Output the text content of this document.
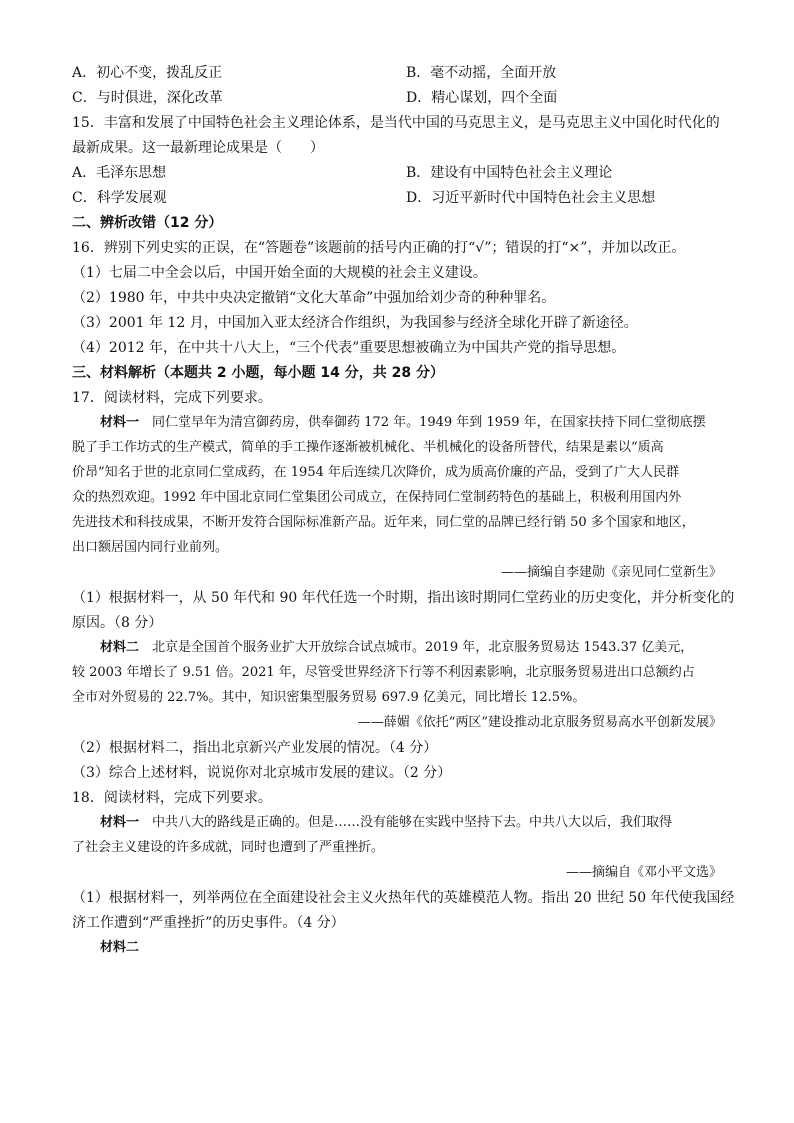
A．初心不变，拨乱反正	B．毫不动摇，全面开放
C．与时俱进，深化改革	D．精心谋划，四个全面
15．丰富和发展了中国特色社会主义理论体系，是当代中国的马克思主义，是马克思主义中国化时代化的
最新成果。这一最新理论成果是（　　）
A．毛泽东思想	B．建设有中国特色社会主义理论
C．科学发展观	D．习近平新时代中国特色社会主义思想
二、辨析改错（12 分）
16．辨别下列史实的正误，在“答题卷”该题前的括号内正确的打“√”；错误的打“×”，并加以改正。
（1）七届二中全会以后，中国开始全面的大规模的社会主义建设。
（2）1980 年，中共中央决定撤销“文化大革命”中强加给刘少奇的种种罪名。
（3）2001 年 12 月，中国加入亚太经济合作组织，为我国参与经济全球化开辟了新途径。
（4）2012 年，在中共十八大上，“三个代表”重要思想被确立为中国共产党的指导思想。
三、材料解析（本题共 2 小题，每小题 14 分，共 28 分）
17．阅读材料，完成下列要求。
材料一　同仁堂早年为清宫御药房，供奉御药 172 年。1949 年到 1959 年，在国家扶持下同仁堂彻底摆
脱了手工作坊式的生产模式，简单的手工操作逐渐被机械化、半机械化的设备所替代，结果是素以“质高
价昂”知名于世的北京同仁堂成药，在 1954 年后连续几次降价，成为质高价廉的产品，受到了广大人民群
众的热烈欢迎。1992 年中国北京同仁堂集团公司成立，在保持同仁堂制药特色的基础上，积极利用国内外
先进技术和科技成果，不断开发符合国际标准新产品。近年来，同仁堂的品牌已经行销 50 多个国家和地区，
出口额居国内同行业前列。
——摘编自李建勋《亲见同仁堂新生》
（1）根据材料一，从 50 年代和 90 年代任选一个时期，指出该时期同仁堂药业的历史变化，并分析变化的
原因。（8 分）
材料二　北京是全国首个服务业扩大开放综合试点城市。2019 年，北京服务贸易达 1543.37 亿美元，
较 2003 年增长了 9.51 倍。2021 年，尽管受世界经济下行等不利因素影响，北京服务贸易进出口总额约占
全市对外贸易的 22.7%。其中，知识密集型服务贸易 697.9 亿美元，同比增长 12.5%。
——薛媚《依托“两区”建设推动北京服务贸易高水平创新发展》
（2）根据材料二，指出北京新兴产业发展的情况。（4 分）
（3）综合上述材料，说说你对北京城市发展的建议。（2 分）
18．阅读材料，完成下列要求。
材料一　中共八大的路线是正确的。但是……没有能够在实践中坚持下去。中共八大以后，我们取得
了社会主义建设的许多成就，同时也遭到了严重挫折。
——摘编自《邓小平文选》
（1）根据材料一，列举两位在全面建设社会主义火热年代的英雄模范人物。指出 20 世纪 50 年代使我国经
济工作遭到“严重挫折”的历史事件。（4 分）
材料二
